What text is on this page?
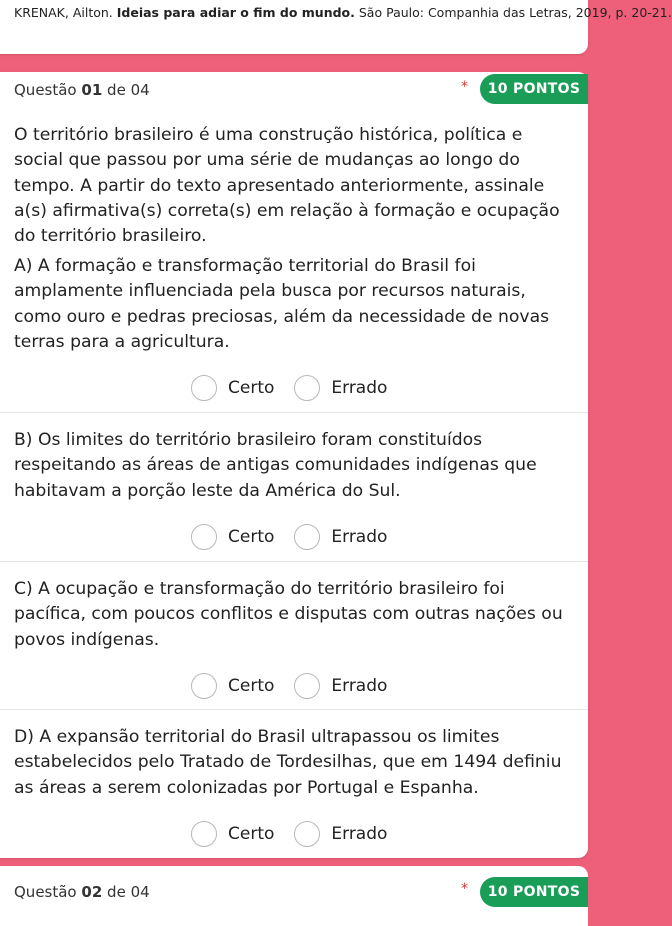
KRENAK, Ailton. Ideias para adiar o fim do mundo. São Paulo: Companhia das Letras, 2019, p. 20-21.
Questão 01 de 04	*	10 PONTOS
O território brasileiro é uma construção histórica, política e social que passou por uma série de mudanças ao longo do tempo. A partir do texto apresentado anteriormente, assinale a(s) afirmativa(s) correta(s) em relação à formação e ocupação do território brasileiro.
A) A formação e transformação territorial do Brasil foi amplamente influenciada pela busca por recursos naturais, como ouro e pedras preciosas, além da necessidade de novas terras para a agricultura.
Certo	Errado
B) Os limites do território brasileiro foram constituídos respeitando as áreas de antigas comunidades indígenas que habitavam a porção leste da América do Sul.
Certo	Errado
C) A ocupação e transformação do território brasileiro foi pacífica, com poucos conflitos e disputas com outras nações ou povos indígenas.
Certo	Errado
D) A expansão territorial do Brasil ultrapassou os limites estabelecidos pelo Tratado de Tordesilhas, que em 1494 definiu as áreas a serem colonizadas por Portugal e Espanha.
Certo	Errado
Questão 02 de 04	*	10 PONTOS
